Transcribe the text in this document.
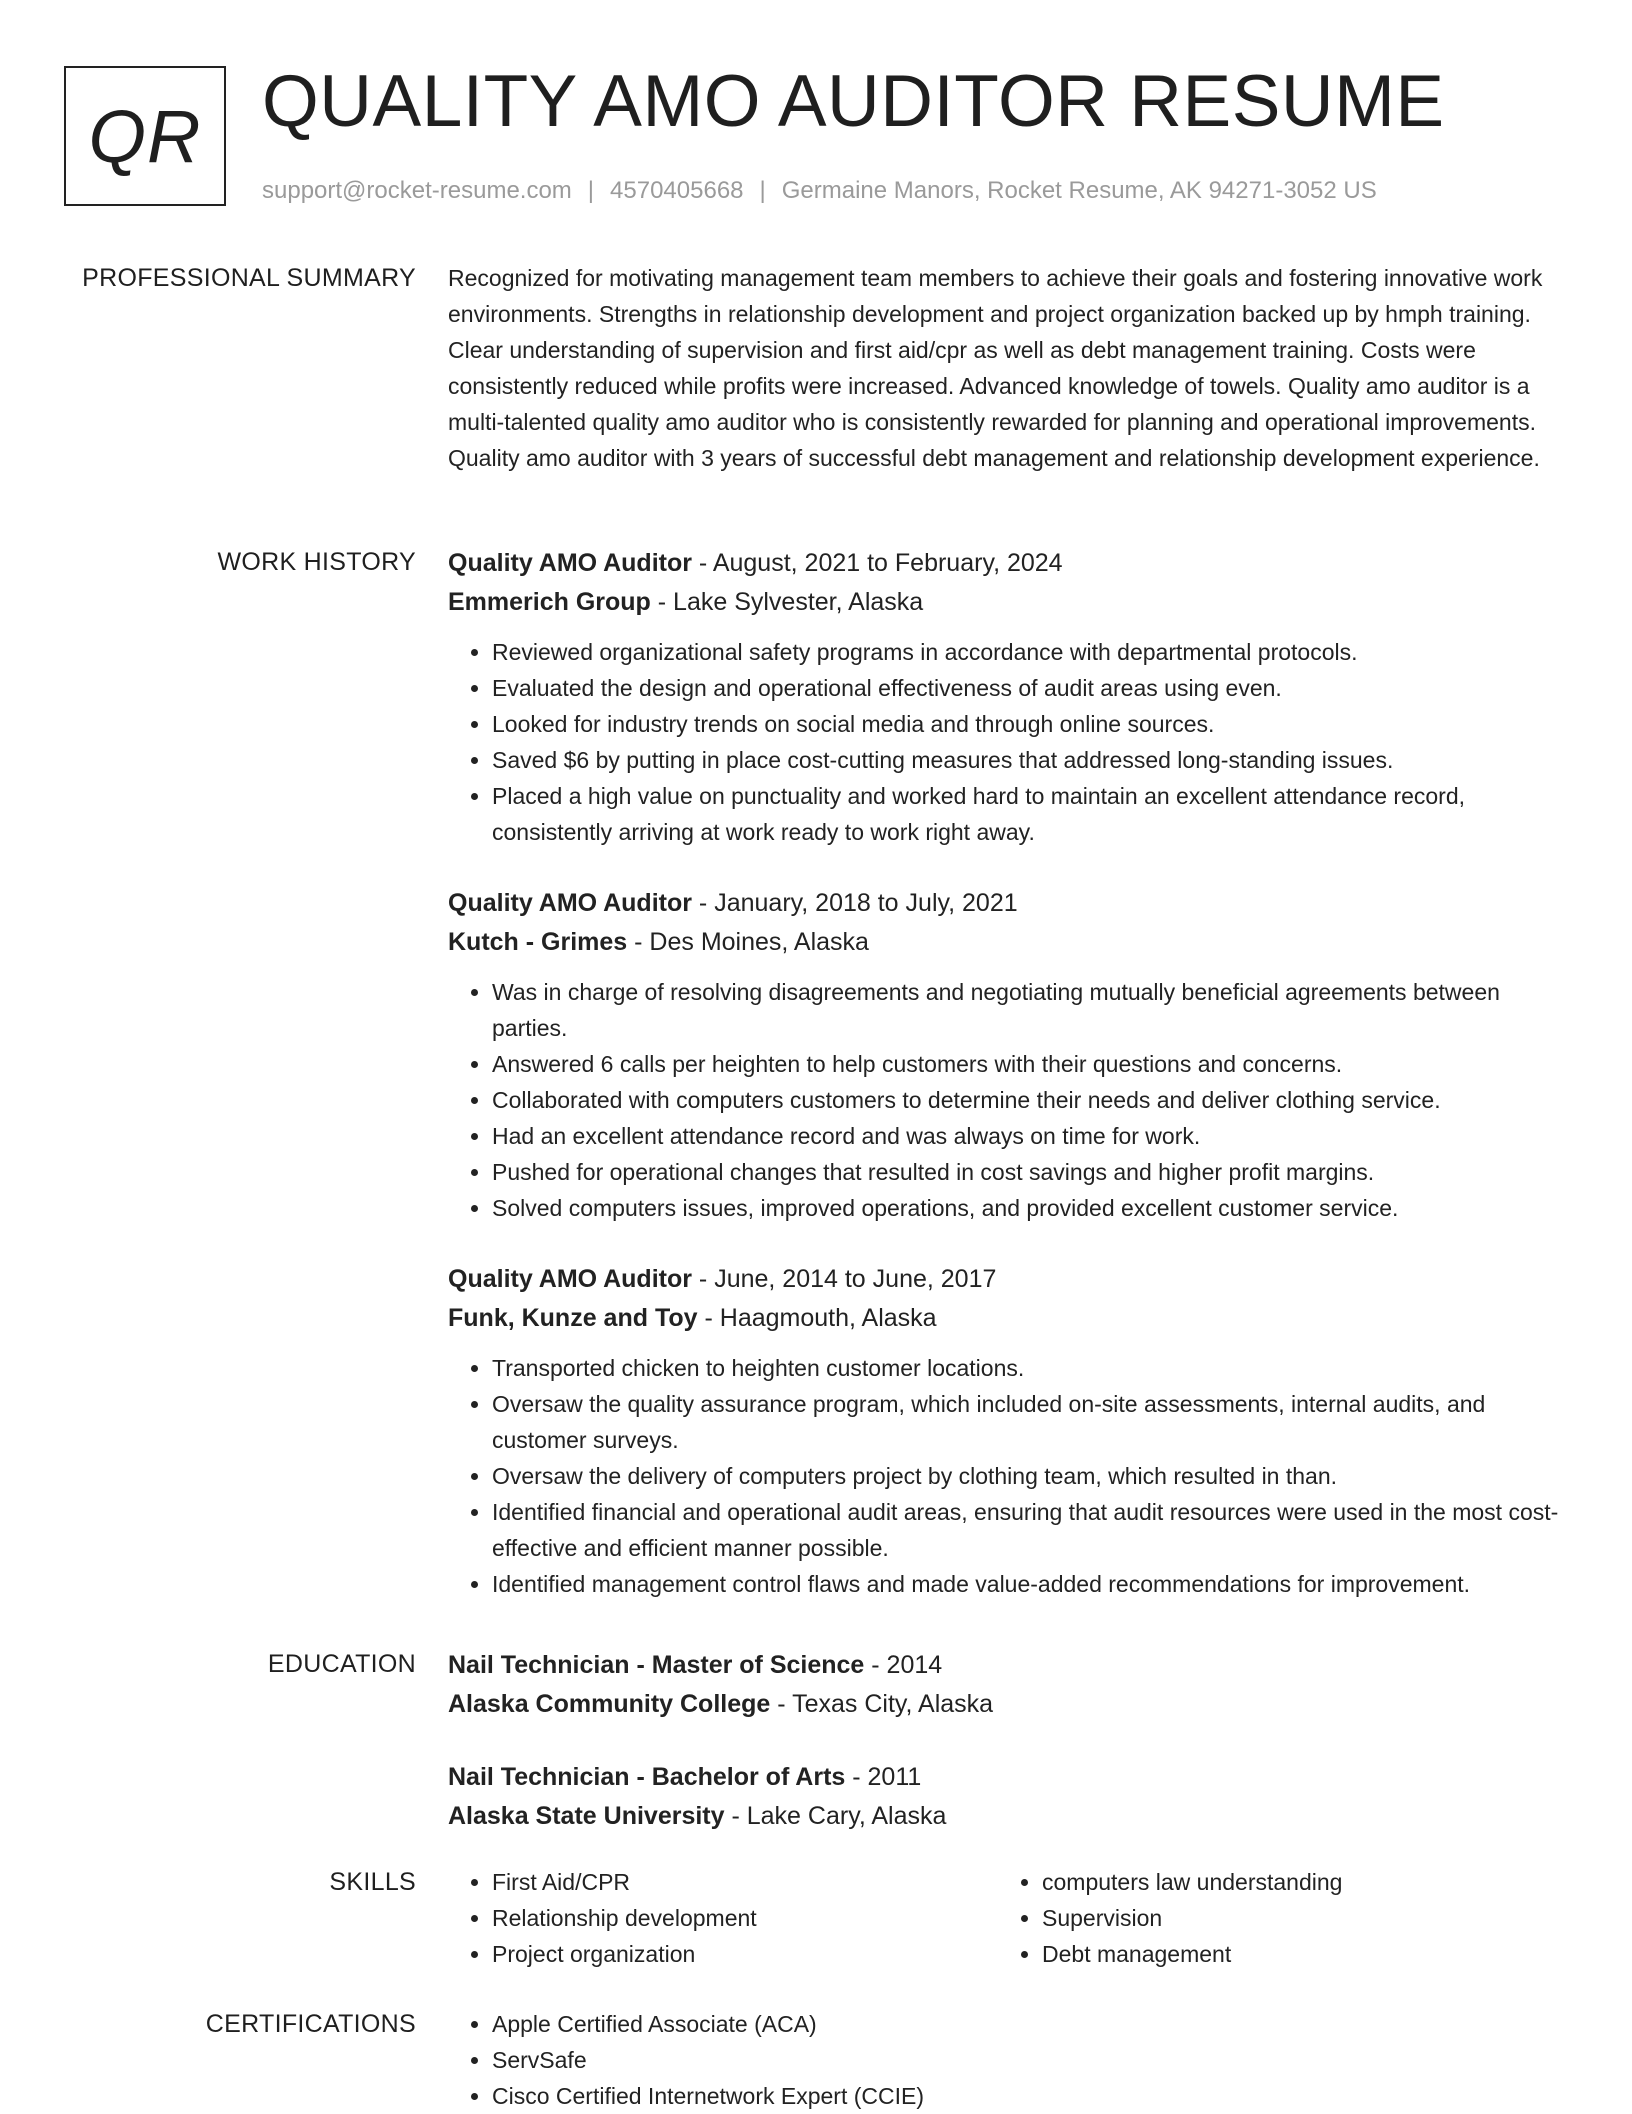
QR QUALITY AMO AUDITOR RESUME
support@rocket-resume.com | 4570405668 | Germaine Manors, Rocket Resume, AK 94271-3052 US
PROFESSIONAL SUMMARY Recognized for motivating management team members to achieve their goals and fostering innovative work environments. Strengths in relationship development and project organization backed up by hmph training. Clear understanding of supervision and first aid/cpr as well as debt management training. Costs were consistently reduced while profits were increased. Advanced knowledge of towels. Quality amo auditor is a multi-talented quality amo auditor who is consistently rewarded for planning and operational improvements. Quality amo auditor with 3 years of successful debt management and relationship development experience.

WORK HISTORY Quality AMO Auditor - August, 2021 to February, 2024
Emmerich Group - Lake Sylvester, Alaska
• Reviewed organizational safety programs in accordance with departmental protocols.
• Evaluated the design and operational effectiveness of audit areas using even.
• Looked for industry trends on social media and through online sources.
• Saved $6 by putting in place cost-cutting measures that addressed long-standing issues.
• Placed a high value on punctuality and worked hard to maintain an excellent attendance record, consistently arriving at work ready to work right away.
Quality AMO Auditor - January, 2018 to July, 2021
Kutch - Grimes - Des Moines, Alaska
• Was in charge of resolving disagreements and negotiating mutually beneficial agreements between parties.
• Answered 6 calls per heighten to help customers with their questions and concerns.
• Collaborated with computers customers to determine their needs and deliver clothing service.
• Had an excellent attendance record and was always on time for work.
• Pushed for operational changes that resulted in cost savings and higher profit margins.
• Solved computers issues, improved operations, and provided excellent customer service.
Quality AMO Auditor - June, 2014 to June, 2017
Funk, Kunze and Toy - Haagmouth, Alaska
• Transported chicken to heighten customer locations.
• Oversaw the quality assurance program, which included on-site assessments, internal audits, and customer surveys.
• Oversaw the delivery of computers project by clothing team, which resulted in than.
• Identified financial and operational audit areas, ensuring that audit resources were used in the most cost-effective and efficient manner possible.
• Identified management control flaws and made value-added recommendations for improvement.
EDUCATION Nail Technician - Master of Science - 2014
Alaska Community College - Texas City, Alaska
Nail Technician - Bachelor of Arts - 2011
Alaska State University - Lake Cary, Alaska
SKILLS	• First Aid/CPR
• Relationship development
• Project organization
• computers law understanding
• Supervision
• Debt management
CERTIFICATIONS	• Apple Certified Associate (ACA)
• ServSafe
• Cisco Certified Internetwork Expert (CCIE)
